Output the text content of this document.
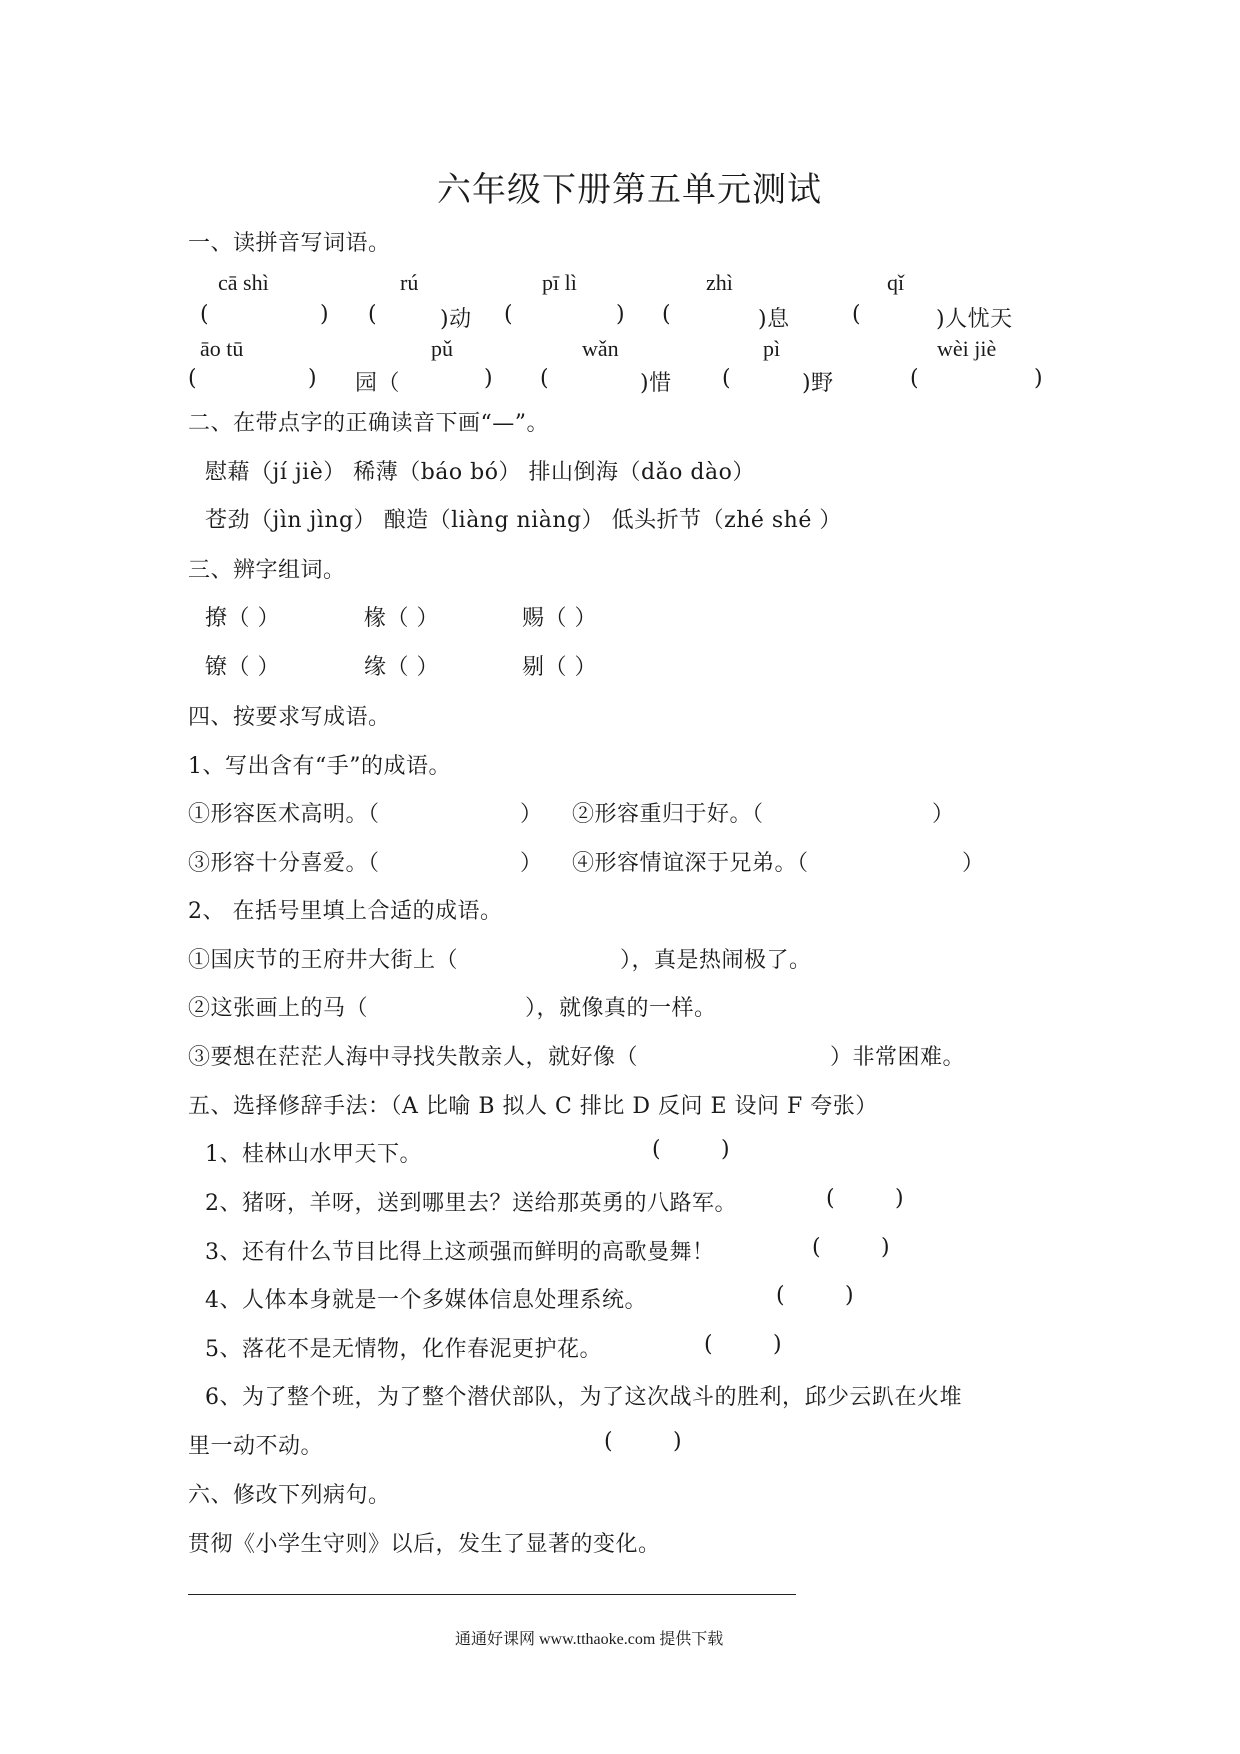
六年级下册第五单元测试
一、读拼音写词语。
cā shì	rú	pī lì	zhì	qǐ
(	) (	)动 (	) (	)息	(	)人忧天
āo tū	pǔ	wǎn	pì	wèi jiè
(	) 园（	) (	)惜 (	)野	(	)
二、在带点字的正确读音下画“—”。
慰藉（jí jiè） 稀薄（báo bó） 排山倒海（dǎo dào）
苍劲（jìn jìng） 酿造（liàng niàng） 低头折节（zhé shé ）
三、辨字组词。
撩（ ）	椽（ ）	赐（ ）
镣（ ）	缘（ ）	剔（ ）
四、按要求写成语。
1、写出含有“手”的成语。
①形容医术高明。（	） ②形容重归于好。（	）
③形容十分喜爱。（	） ④形容情谊深于兄弟。（	）
2、 在括号里填上合适的成语。
①国庆节的王府井大街上（	），真是热闹极了。
②这张画上的马（	），就像真的一样。
③要想在茫茫人海中寻找失散亲人，就好像（	）非常困难。
五、选择修辞手法：（A 比喻 B 拟人 C 排比 D 反问 E 设问 F 夸张）
1、桂林山水甲天下。	(        )
2、猪呀，羊呀，送到哪里去？送给那英勇的八路军。	(        )
3、还有什么节目比得上这顽强而鲜明的高歌曼舞！	(        )
4、人体本身就是一个多媒体信息处理系统。	(        )
5、落花不是无情物，化作春泥更护花。	(        )
6、为了整个班，为了整个潜伏部队，为了这次战斗的胜利，邱少云趴在火堆
里一动不动。	(        )
六、修改下列病句。
贯彻《小学生守则》以后，发生了显著的变化。
通通好课网 www.tthaoke.com 提供下载
